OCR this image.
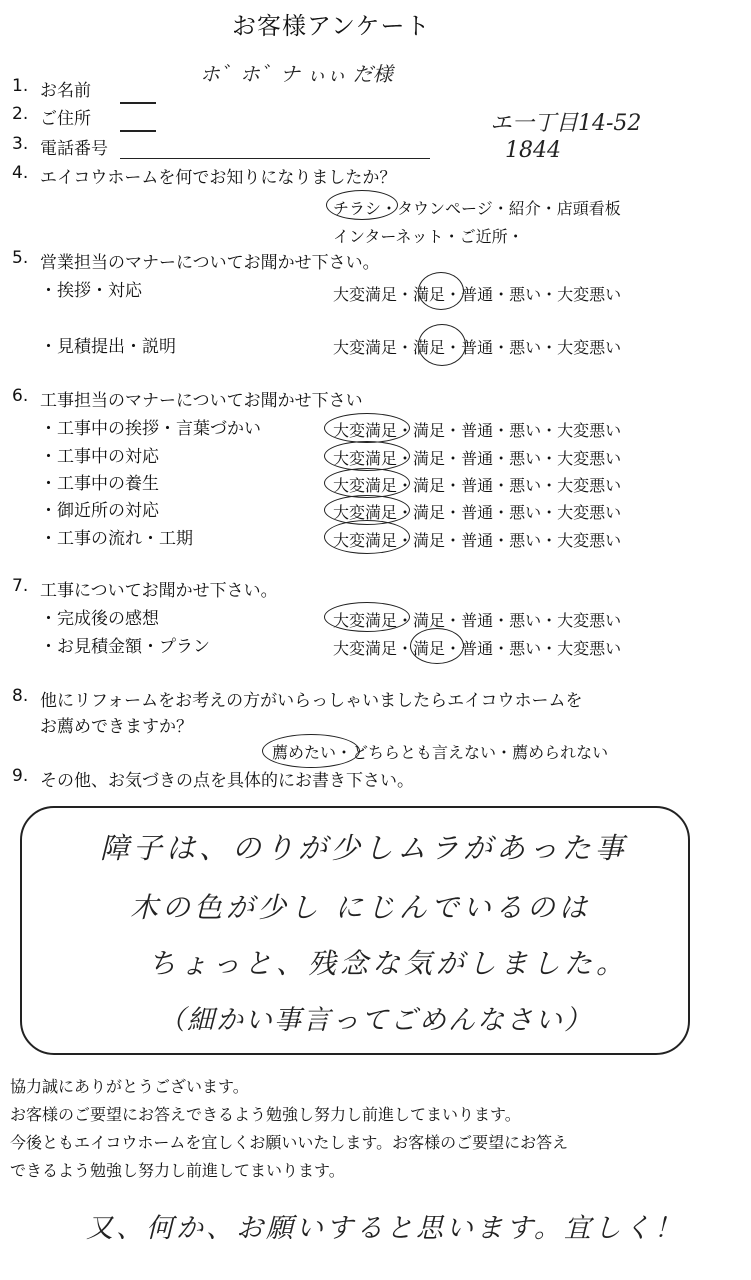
お客様アンケート
1. お名前
ホ゛ホ゛ナ ぃぃ だ様
2. ご住所	エ一丁目14-52
3. 電話番号	1844
4. エイコウホームを何でお知りになりましたか？
チラシ・タウンページ・紹介・店頭看板
インターネット・ご近所・
5. 営業担当のマナーについてお聞かせ下さい。
・挨拶・対応	大変満足・満足・普通・悪い・大変悪い
・見積提出・説明	大変満足・満足・普通・悪い・大変悪い
6. 工事担当のマナーについてお聞かせ下さい
・工事中の挨拶・言葉づかい	大変満足・満足・普通・悪い・大変悪い
・工事中の対応	大変満足・満足・普通・悪い・大変悪い
・工事中の養生	大変満足・満足・普通・悪い・大変悪い
・御近所の対応	大変満足・満足・普通・悪い・大変悪い
・工事の流れ・工期	大変満足・満足・普通・悪い・大変悪い
7. 工事についてお聞かせ下さい。
・完成後の感想	大変満足・満足・普通・悪い・大変悪い
・お見積金額・プラン	大変満足・満足・普通・悪い・大変悪い
8. 他にリフォームをお考えの方がいらっしゃいましたらエイコウホームを
お薦めできますか？
薦めたい・どちらとも言えない・薦められない
9. その他、お気づきの点を具体的にお書き下さい。
障子は、のりが少しムラがあった事
木の色が少し にじんでいるのは
ちょっと、残念な気がしました。
（細かい事言ってごめんなさい）
協力誠にありがとうございます。
お客様のご要望にお答えできるよう勉強し努力し前進してまいります。
今後ともエイコウホームを宜しくお願いいたします。お客様のご要望にお答え
できるよう勉強し努力し前進してまいります。
又、何か、お願いすると思います。宜しく！
